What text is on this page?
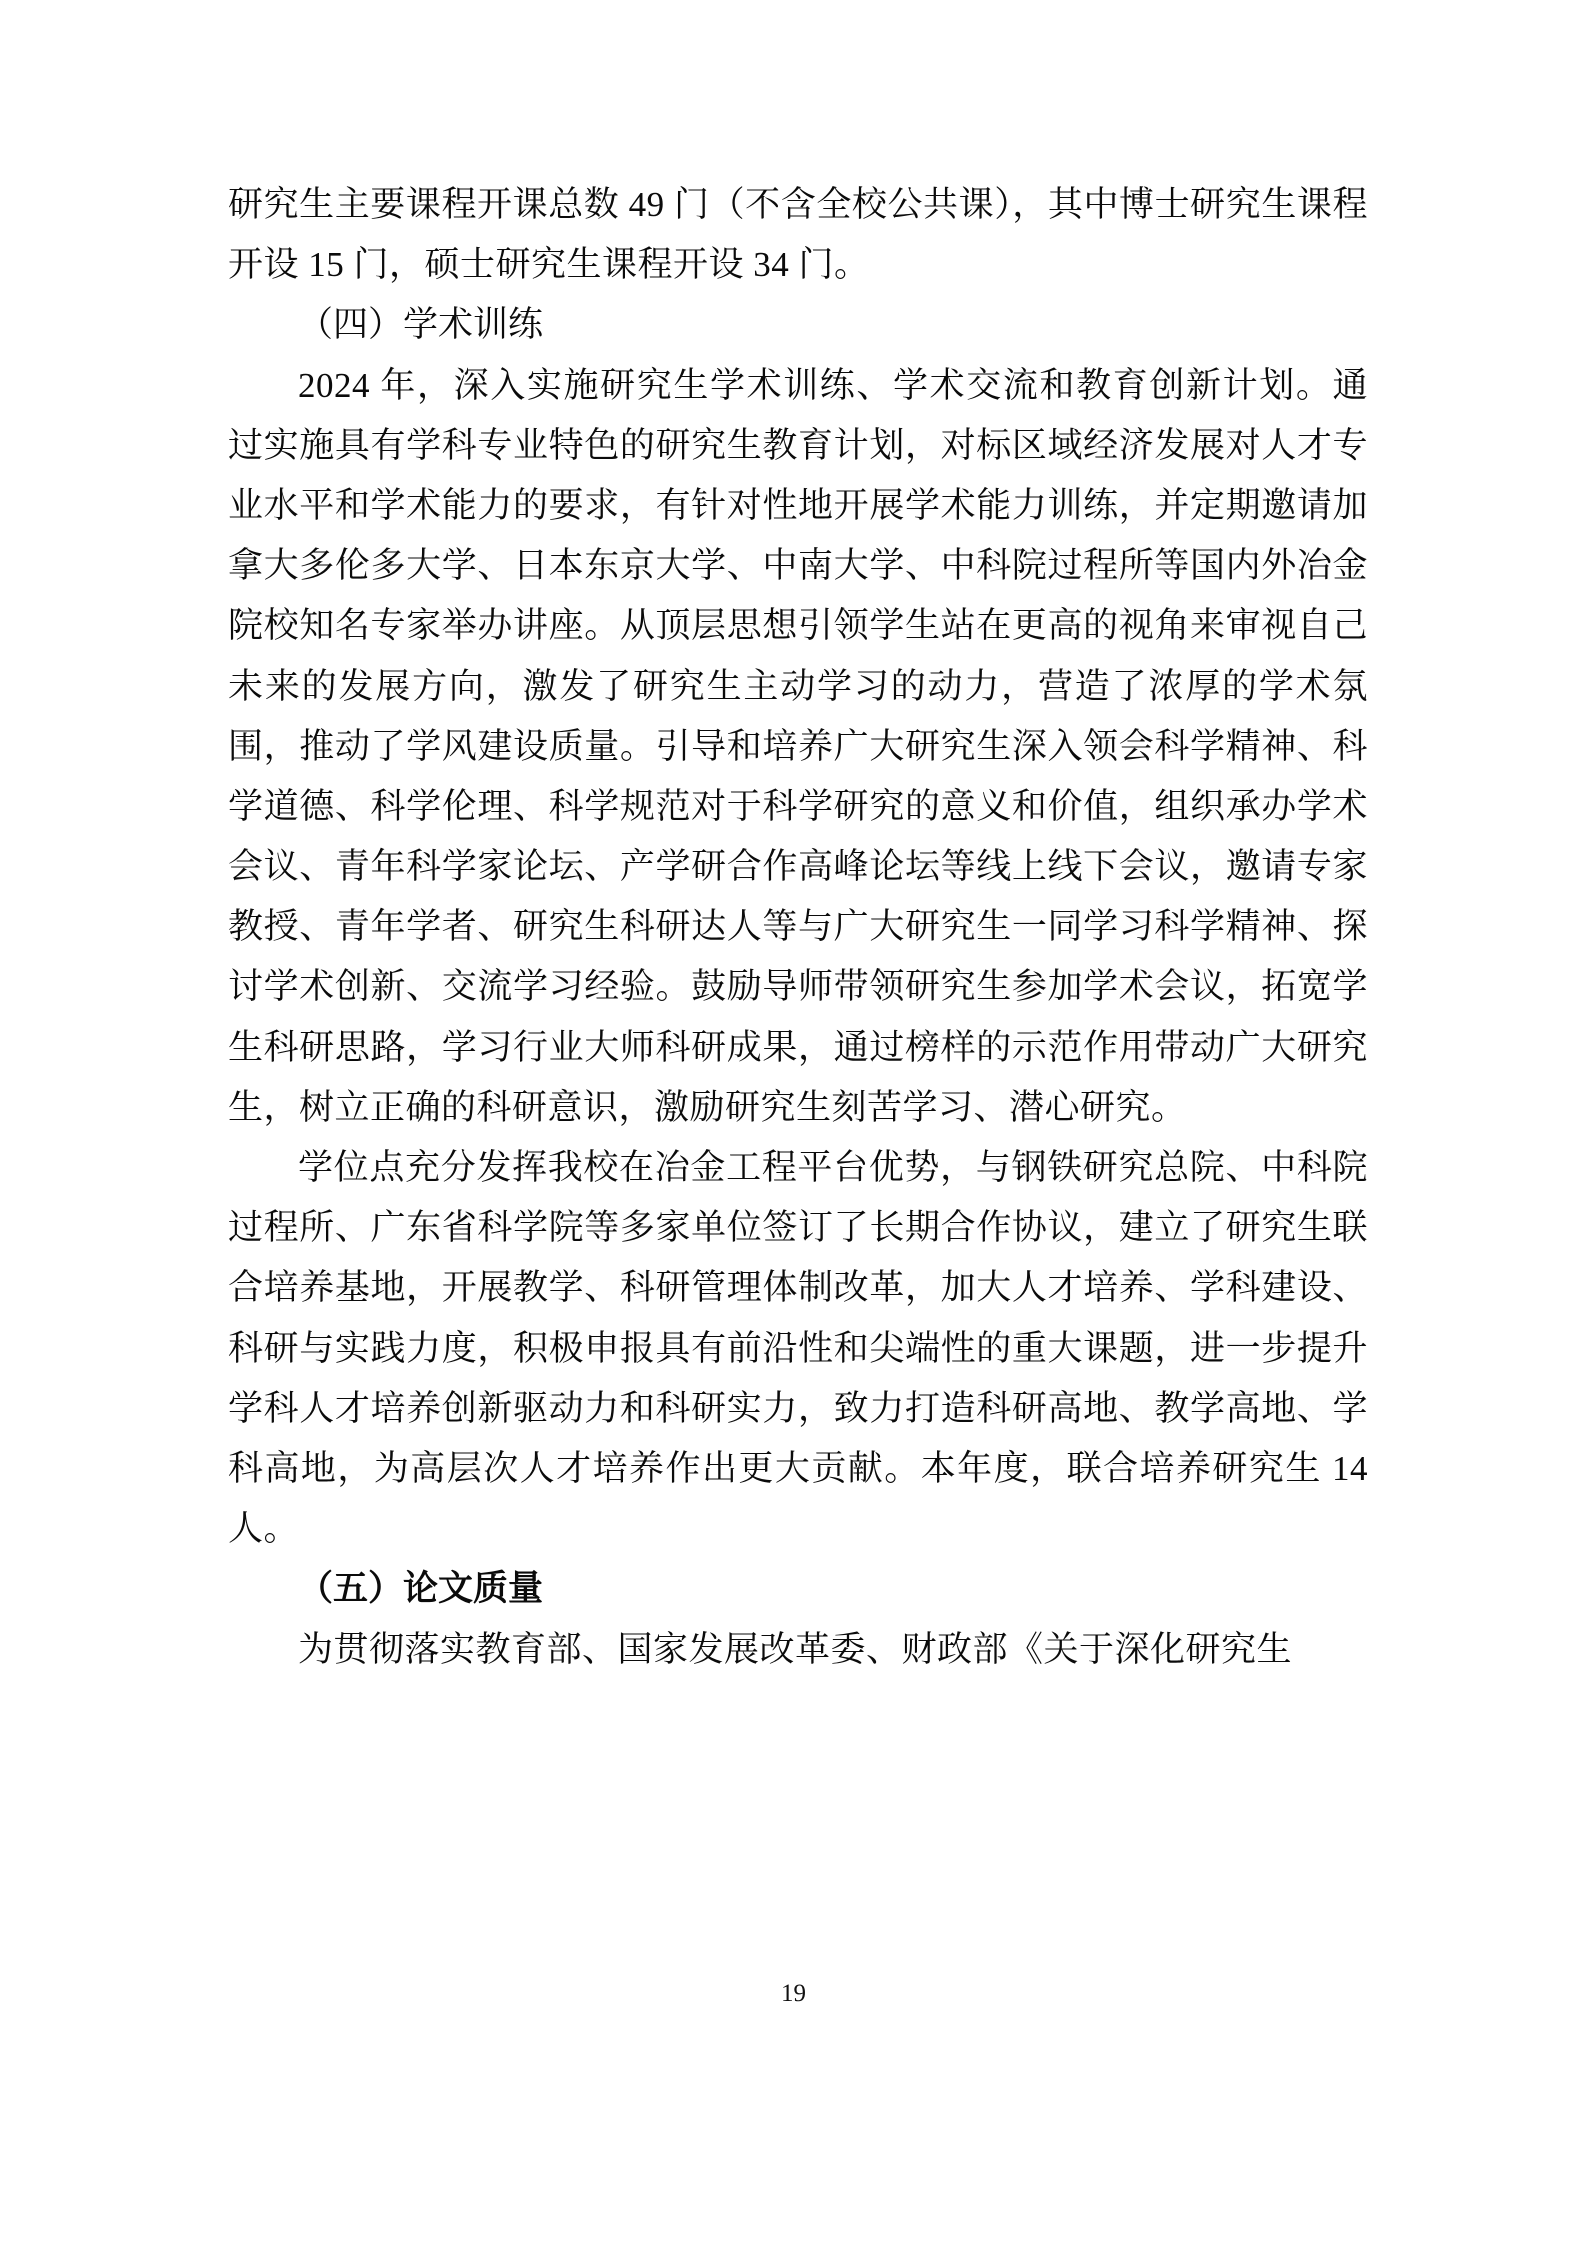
研究生主要课程开课总数 49 门（不含全校公共课），其中博士研究生课程开设 15 门，硕士研究生课程开设 34 门。

（四）学术训练

2024 年，深入实施研究生学术训练、学术交流和教育创新计划。通过实施具有学科专业特色的研究生教育计划，对标区域经济发展对人才专业水平和学术能力的要求，有针对性地开展学术能力训练，并定期邀请加拿大多伦多大学、日本东京大学、中南大学、中科院过程所等国内外冶金院校知名专家举办讲座。从顶层思想引领学生站在更高的视角来审视自己未来的发展方向，激发了研究生主动学习的动力，营造了浓厚的学术氛围，推动了学风建设质量。引导和培养广大研究生深入领会科学精神、科学道德、科学伦理、科学规范对于科学研究的意义和价值，组织承办学术会议、青年科学家论坛、产学研合作高峰论坛等线上线下会议，邀请专家教授、青年学者、研究生科研达人等与广大研究生一同学习科学精神、探讨学术创新、交流学习经验。鼓励导师带领研究生参加学术会议，拓宽学生科研思路，学习行业大师科研成果，通过榜样的示范作用带动广大研究生，树立正确的科研意识，激励研究生刻苦学习、潜心研究。

学位点充分发挥我校在冶金工程平台优势，与钢铁研究总院、中科院过程所、广东省科学院等多家单位签订了长期合作协议，建立了研究生联合培养基地，开展教学、科研管理体制改革，加大人才培养、学科建设、科研与实践力度，积极申报具有前沿性和尖端性的重大课题，进一步提升学科人才培养创新驱动力和科研实力，致力打造科研高地、教学高地、学科高地，为高层次人才培养作出更大贡献。本年度，联合培养研究生 14 人。

（五）论文质量

为贯彻落实教育部、国家发展改革委、财政部《关于深化研究生

19
